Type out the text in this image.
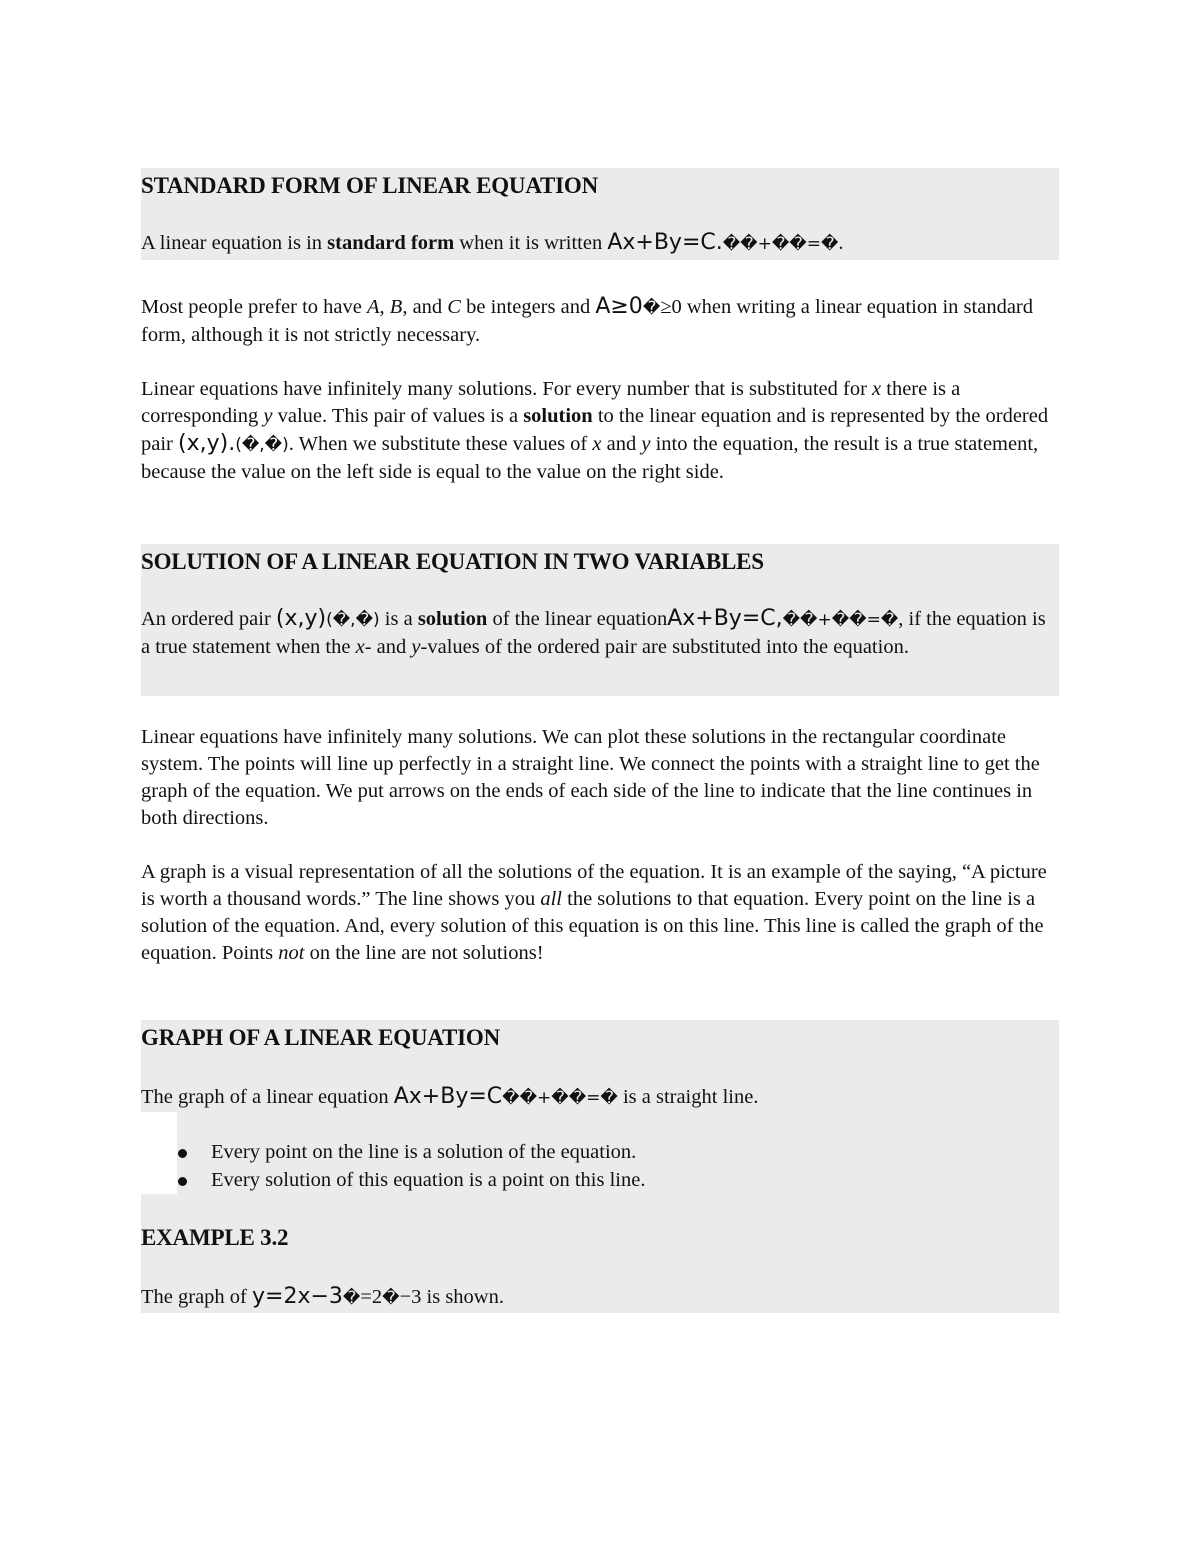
STANDARD FORM OF LINEAR EQUATION

A linear equation is in standard form when it is written Ax+By=C.��+��=�.

Most people prefer to have A, B, and C be integers and A≥0�≥0 when writing a linear equation in standard form, although it is not strictly necessary.

Linear equations have infinitely many solutions. For every number that is substituted for x there is a corresponding y value. This pair of values is a solution to the linear equation and is represented by the ordered pair (x,y).(�,�). When we substitute these values of x and y into the equation, the result is a true statement, because the value on the left side is equal to the value on the right side.

SOLUTION OF A LINEAR EQUATION IN TWO VARIABLES

An ordered pair (x,y)(�,�) is a solution of the linear equationAx+By=C,��+��=�, if the equation is a true statement when the x- and y-values of the ordered pair are substituted into the equation.

Linear equations have infinitely many solutions. We can plot these solutions in the rectangular coordinate system. The points will line up perfectly in a straight line. We connect the points with a straight line to get the graph of the equation. We put arrows on the ends of each side of the line to indicate that the line continues in both directions.

A graph is a visual representation of all the solutions of the equation. It is an example of the saying, “A picture is worth a thousand words.” The line shows you all the solutions to that equation. Every point on the line is a solution of the equation. And, every solution of this equation is on this line. This line is called the graph of the equation. Points not on the line are not solutions!

GRAPH OF A LINEAR EQUATION

The graph of a linear equation Ax+By=C��+��=� is a straight line.

Every point on the line is a solution of the equation.
Every solution of this equation is a point on this line.
EXAMPLE 3.2

The graph of y=2x−3�=2�−3 is shown.
